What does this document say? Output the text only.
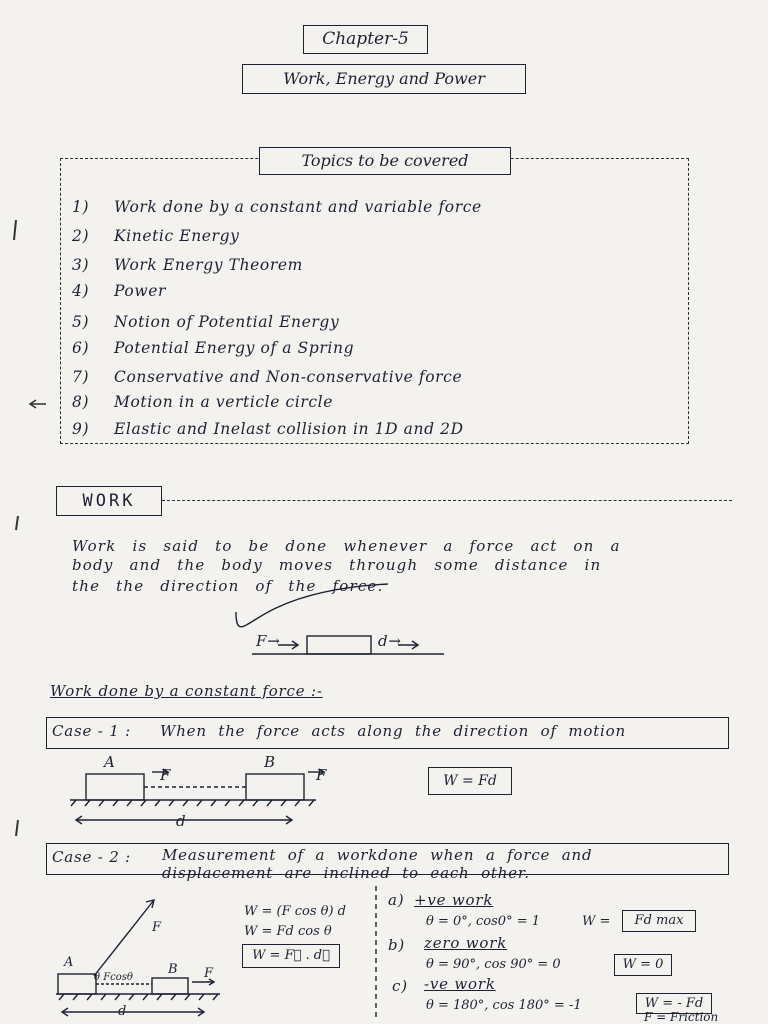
Chapter-5
Work, Energy and Power
Topics to be covered
1) Work done by a constant and variable force
2) Kinetic Energy
3) Work Energy Theorem
4) Power
5) Notion of Potential Energy
6) Potential Energy of a Spring
7) Conservative and Non-conservative force
8) Motion in a verticle circle
9) Elastic and Inelast collision in 1D and 2D
WORK
Work is said to be done whenever a force act on a
body and the body moves through some distance in
the the direction of the force.
F→	d→
Work done by a constant force :-
Case - 1 : When the force acts along the direction of motion
A	B
F	F
d
W = Fd
Case - 2 : Measurement of a workdone when a force and
displacement are inclined to each other.
W = (F cos θ) d
W = Fd cos θ
W = F⃗ . d⃗
A	B
F
F
θ Fcosθ
d
a) +ve work
θ = 0°, cos0° = 1	W =	Fd max
b) zero work
θ = 90°, cos 90° = 0	W = 0
c) -ve work
θ = 180°, cos 180° = -1	W = - Fd
F = Friction
